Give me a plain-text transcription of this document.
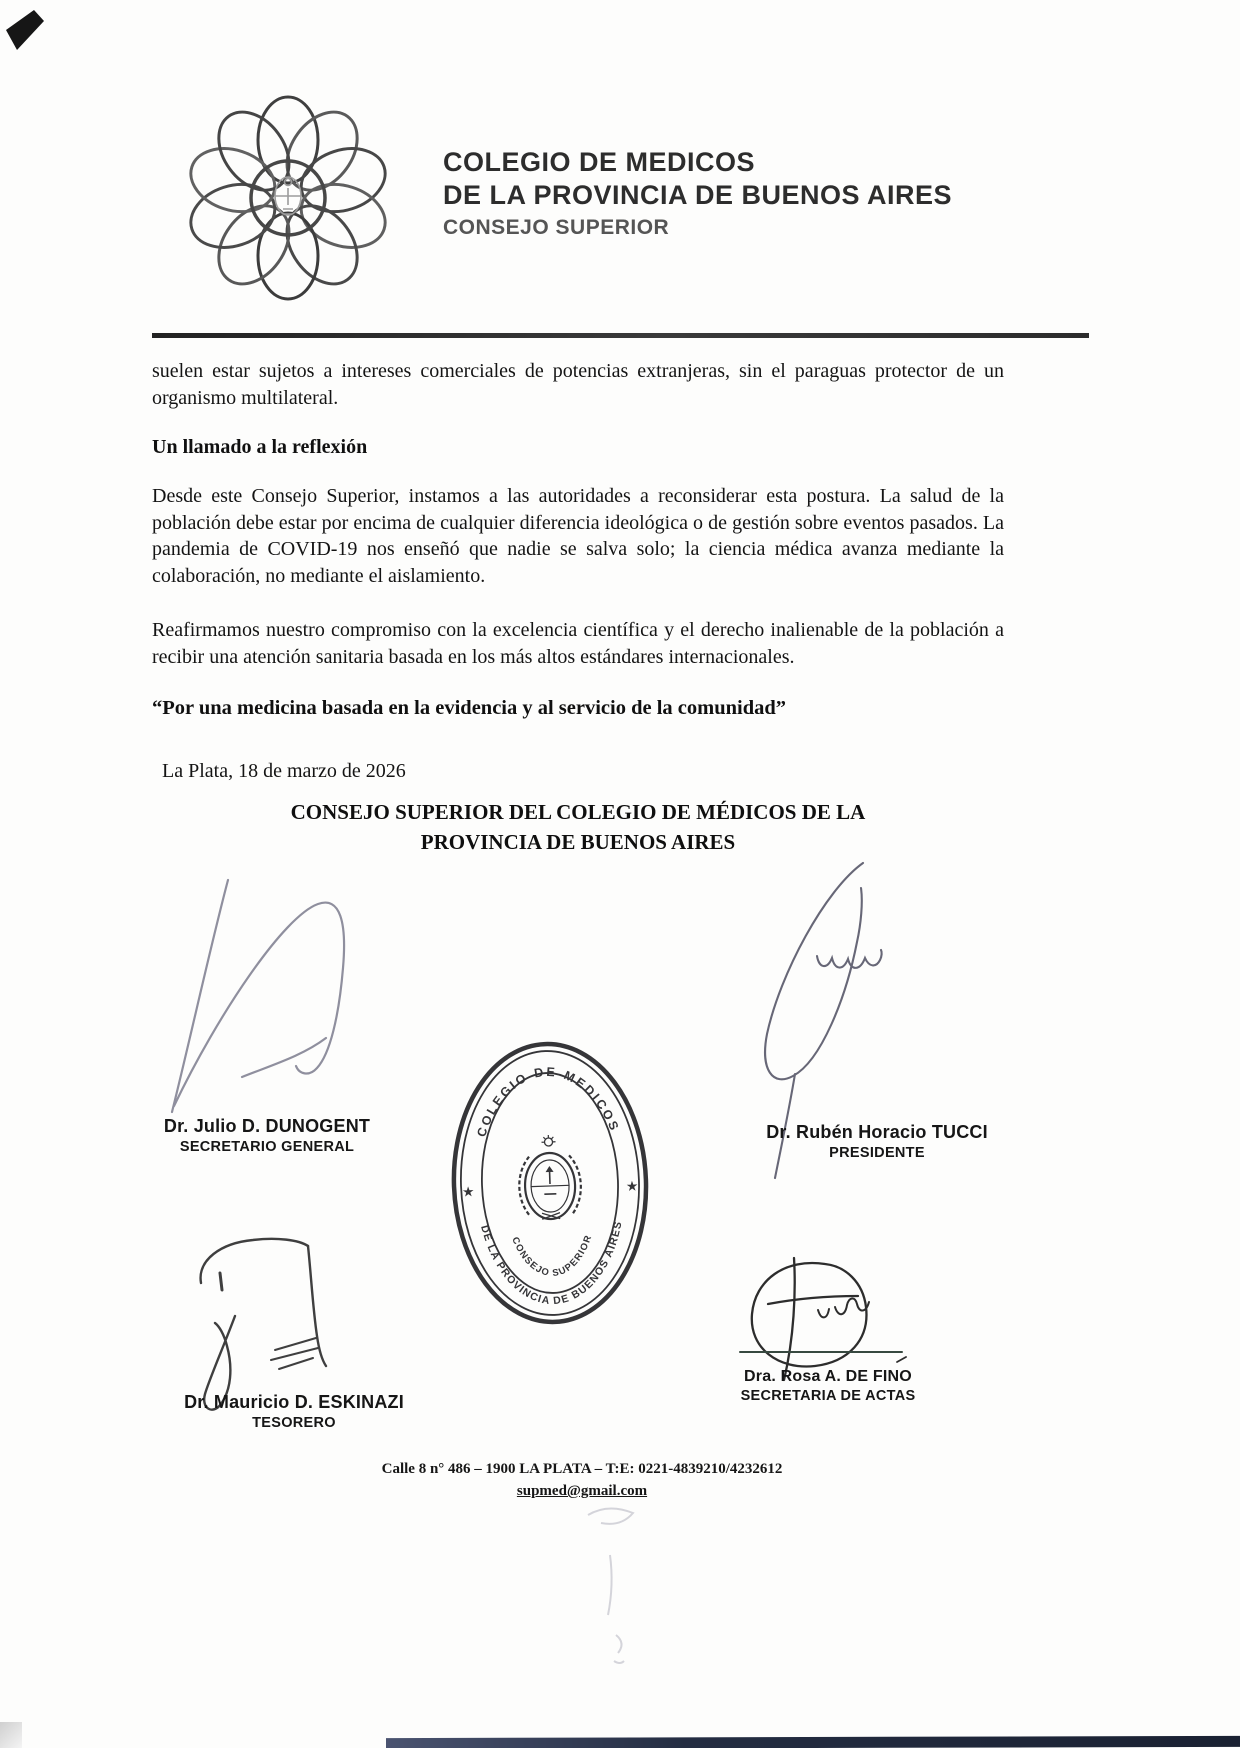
COLEGIO DE MEDICOS
DE LA PROVINCIA DE BUENOS AIRES
CONSEJO SUPERIOR

suelen estar sujetos a intereses comerciales de potencias extranjeras, sin el paraguas protector de un organismo multilateral.

Un llamado a la reflexión

Desde este Consejo Superior, instamos a las autoridades a reconsiderar esta postura. La salud de la población debe estar por encima de cualquier diferencia ideológica o de gestión sobre eventos pasados. La pandemia de COVID-19 nos enseñó que nadie se salva solo; la ciencia médica avanza mediante la colaboración, no mediante el aislamiento.

Reafirmamos nuestro compromiso con la excelencia científica y el derecho inalienable de la población a recibir una atención sanitaria basada en los más altos estándares internacionales.

“Por una medicina basada en la evidencia y al servicio de la comunidad”
La Plata, 18 de marzo de 2026
CONSEJO SUPERIOR DEL COLEGIO DE MÉDICOS DE LA
PROVINCIA DE BUENOS AIRES
Dr. Julio D. DUNOGENT
SECRETARIO GENERAL
Dr. Rubén Horacio TUCCI
PRESIDENTE
COLEGIO DE MEDICOS
DE LA PROVINCIA DE BUENOS AIRES
CONSEJO SUPERIOR
★	★
Dr. Mauricio D. ESKINAZI
TESORERO
Dra. Rosa A. DE FINO
SECRETARIA DE ACTAS
Calle 8 n° 486 – 1900 LA PLATA – T:E: 0221-4839210/4232612
supmed@gmail.com
